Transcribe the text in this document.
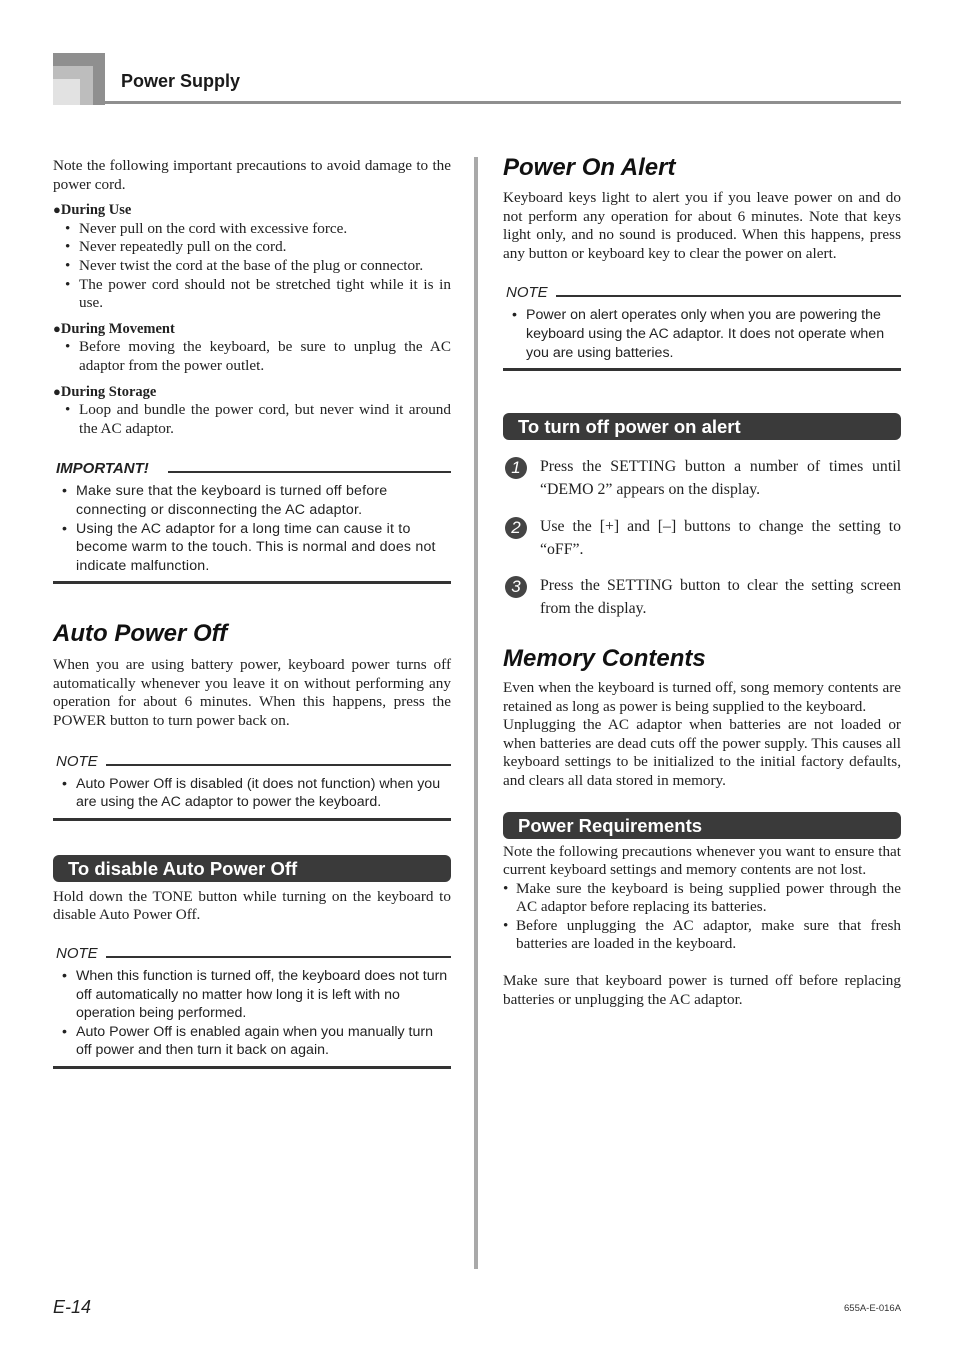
Power Supply

Note the following important precautions to avoid damage to the power cord.

●During Use

• Never pull on the cord with excessive force.
• Never repeatedly pull on the cord.
• Never twist the cord at the base of the plug or connector.
• The power cord should not be stretched tight while it is in use.

●During Movement

• Before moving the keyboard, be sure to unplug the AC adaptor from the power outlet.

●During Storage

• Loop and bundle the power cord, but never wind it around the AC adaptor.
IMPORTANT!
• Make sure that the keyboard is turned off before connecting or disconnecting the AC adaptor.
• Using the AC adaptor for a long time can cause it to become warm to the touch. This is normal and does not indicate malfunction.
Auto Power Off

When you are using battery power, keyboard power turns off automatically whenever you leave it on without performing any operation for about 6 minutes. When this happens, press the POWER button to turn power back on.

NOTE
• Auto Power Off is disabled (it does not function) when you are using the AC adaptor to power the keyboard.
To disable Auto Power Off

Hold down the TONE button while turning on the keyboard to disable Auto Power Off.

NOTE
• When this function is turned off, the keyboard does not turn off automatically no matter how long it is left with no operation being performed.
• Auto Power Off is enabled again when you manually turn off power and then turn it back on again.
Power On Alert

Keyboard keys light to alert you if you leave power on and do not perform any operation for about 6 minutes. Note that keys light only, and no sound is produced. When this happens, press any button or keyboard key to clear the power on alert.

NOTE
• Power on alert operates only when you are powering the keyboard using the AC adaptor. It does not operate when you are using batteries.
To turn off power on alert
1	Press the SETTING button a number of times until “DEMO 2” appears on the display.
2	Use the [+] and [–] buttons to change the setting to “oFF”.
3	Press the SETTING button to clear the setting screen from the display.
Memory Contents

Even when the keyboard is turned off, song memory contents are retained as long as power is being supplied to the keyboard.

Unplugging the AC adaptor when batteries are not loaded or when batteries are dead cuts off the power supply. This causes all keyboard settings to be initialized to the initial factory defaults, and clears all data stored in memory.

Power Requirements

Note the following precautions whenever you want to ensure that current keyboard settings and memory contents are not lost.

• Make sure the keyboard is being supplied power through the AC adaptor before replacing its batteries.
• Before unplugging the AC adaptor, make sure that fresh batteries are loaded in the keyboard.

Make sure that keyboard power is turned off before replacing batteries or unplugging the AC adaptor.

E-14	655A-E-016A
